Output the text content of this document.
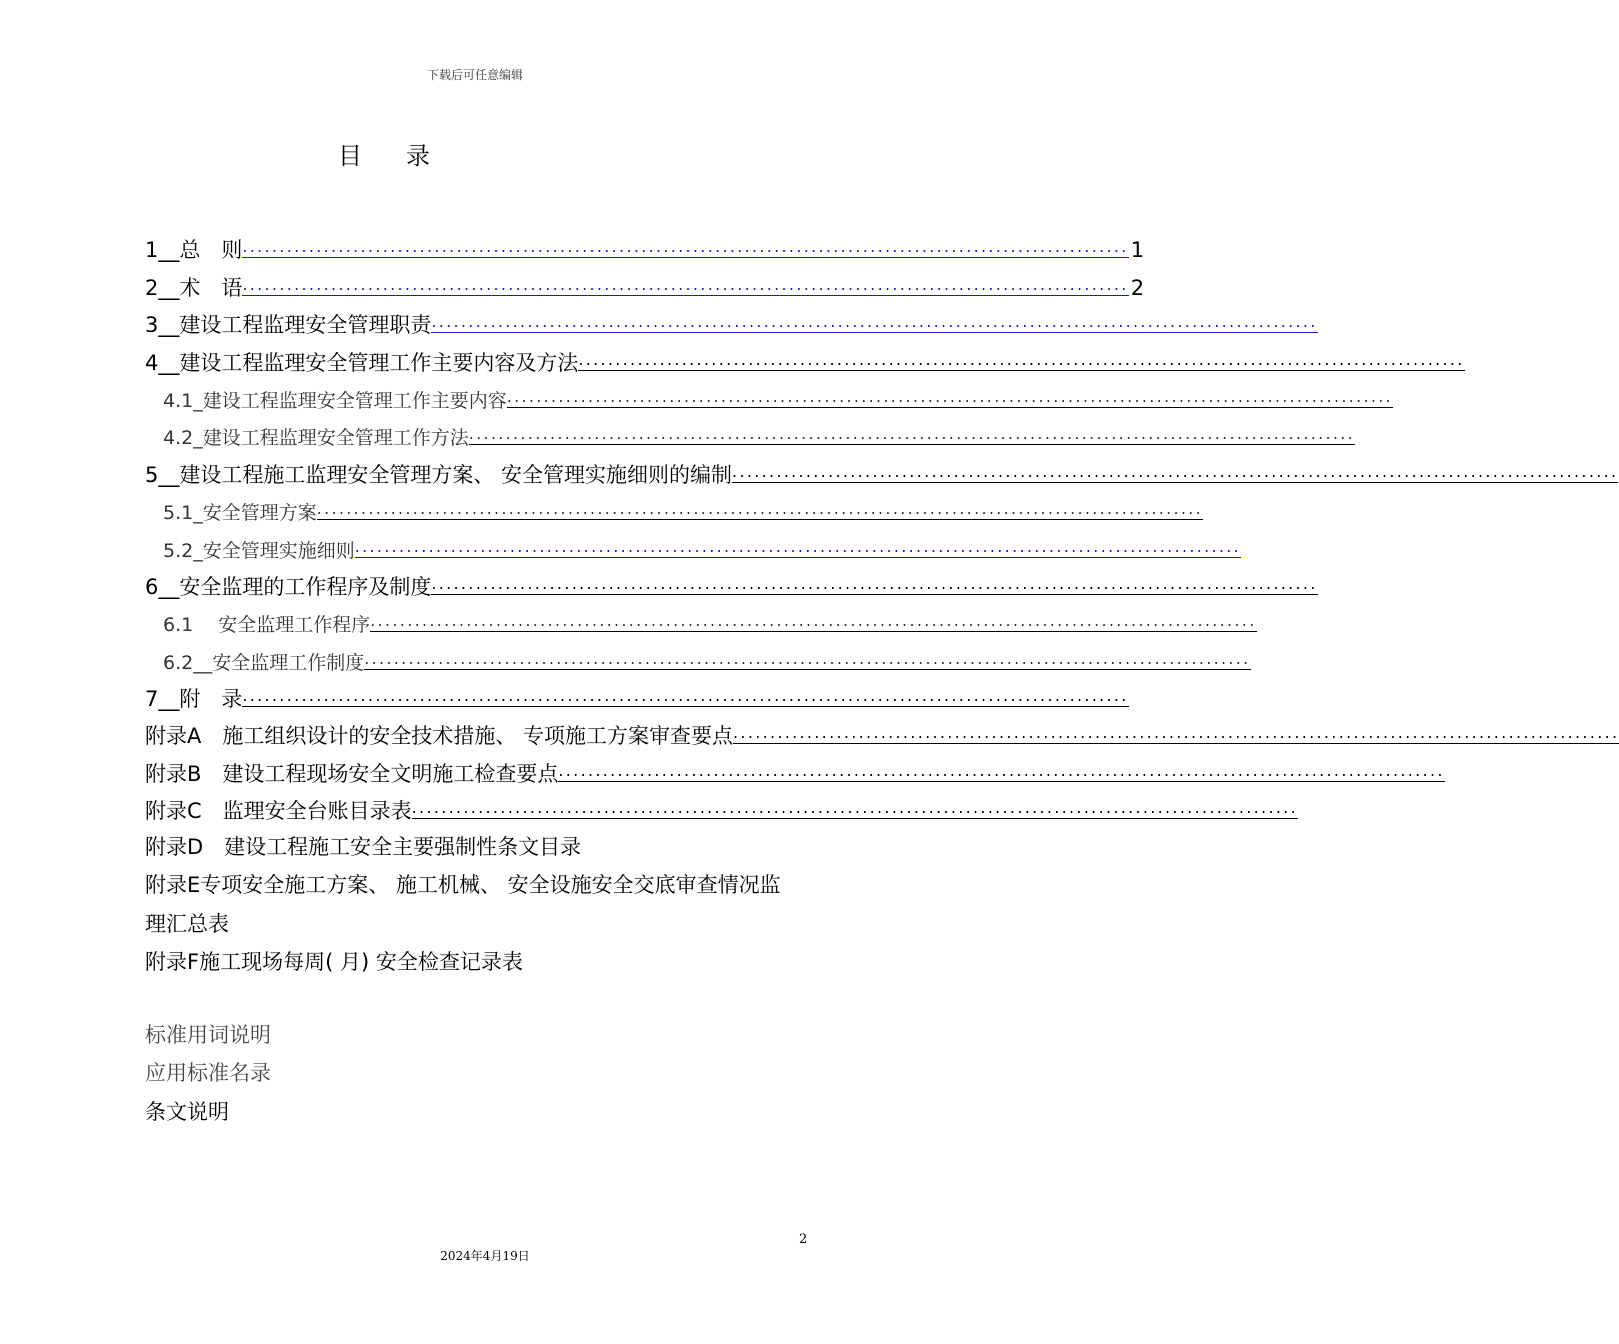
下载后可任意编辑
目 录
1__总　则 ........................................................................................................................ 1
2__术　语 ........................................................................................................................ 2
3__建设工程监理安全管理职责 ........................................................................................................................
4__建设工程监理安全管理工作主要内容及方法 ........................................................................................................................
4.1_建设工程监理安全管理工作主要内容 ........................................................................................................................
4.2_建设工程监理安全管理工作方法 ........................................................................................................................
5__建设工程施工监理安全管理方案、 安全管理实施细则的编制 ........................................................................................................................
5.1_安全管理方案 ........................................................................................................................
5.2_安全管理实施细则 ........................................................................................................................
6__安全监理的工作程序及制度 ........................................................................................................................
6.1　 安全监理工作程序 ........................................................................................................................
6.2__安全监理工作制度 ........................................................................................................................
7__附　录 ........................................................................................................................
附录A　施工组织设计的安全技术措施、 专项施工方案审查要点 ........................................................................................................................
附录B　建设工程现场安全文明施工检查要点 ........................................................................................................................
附录C　监理安全台账目录表 ........................................................................................................................
附录D　建设工程施工安全主要强制性条文目录
附录E专项安全施工方案、 施工机械、 安全设施安全交底审查情况监
理汇总表
附录F施工现场每周( 月) 安全检查记录表
标准用词说明
应用标准名录
条文说明
2
2024年4月19日
